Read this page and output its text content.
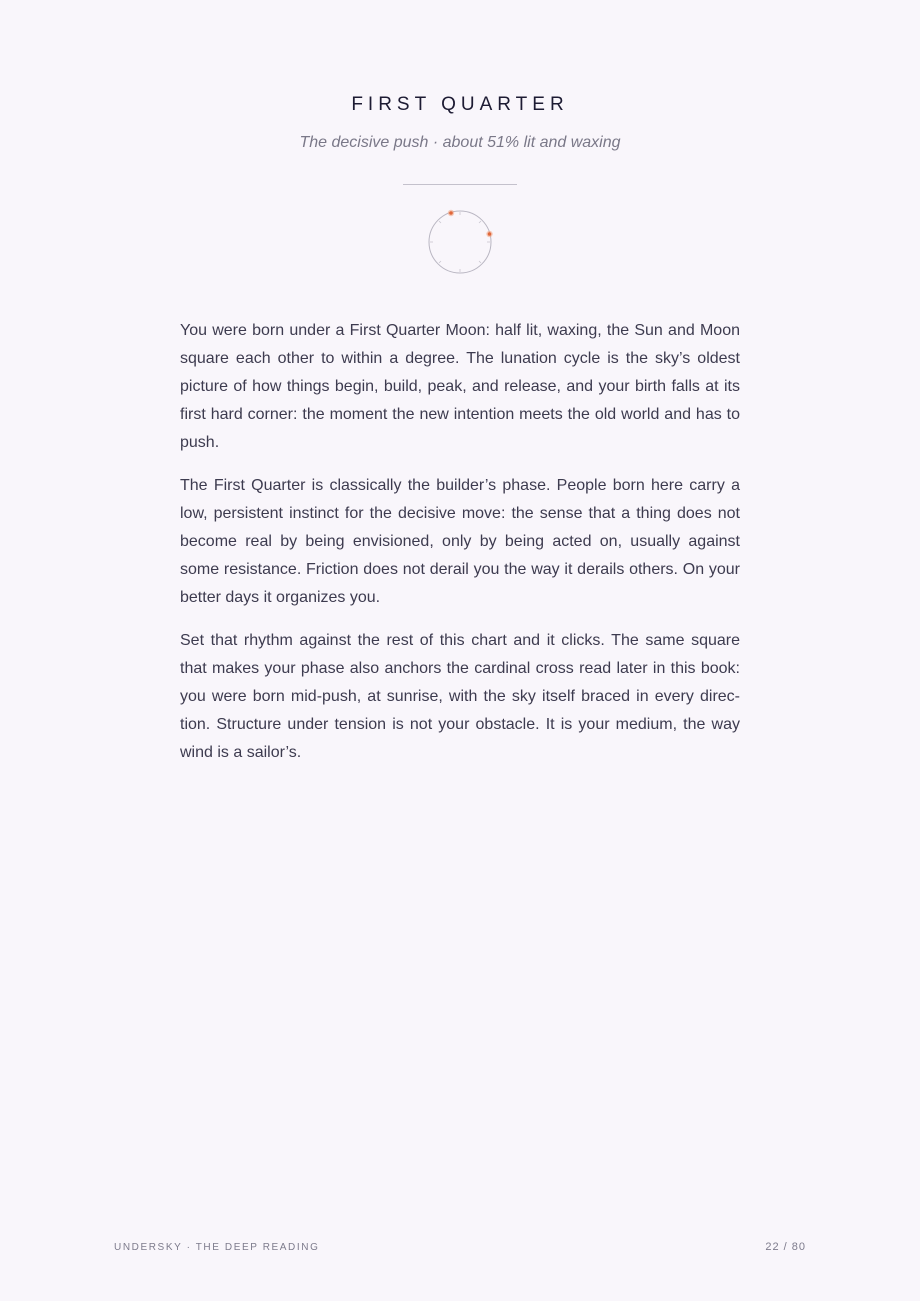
FIRST QUARTER

The decisive push · about 51% lit and waxing

You were born under a First Quarter Moon: half lit, waxing, the Sun and Moon square each other to within a degree. The lunation cycle is the sky’s oldest picture of how things begin, build, peak, and release, and your birth falls at its first hard corner: the moment the new intention meets the old world and has to push.

The First Quarter is classically the builder’s phase. People born here carry a low, persistent instinct for the decisive move: the sense that a thing does not become real by being envisioned, only by being acted on, usually against some resistance. Friction does not derail you the way it derails others. On your better days it organizes you.

Set that rhythm against the rest of this chart and it clicks. The same square that makes your phase also anchors the cardinal cross read later in this book: you were born mid-push, at sunrise, with the sky itself braced in every direction. Structure under tension is not your obstacle. It is your medium, the way wind is a sailor’s.

UNDERSKY · THE DEEP READING	22 / 80
